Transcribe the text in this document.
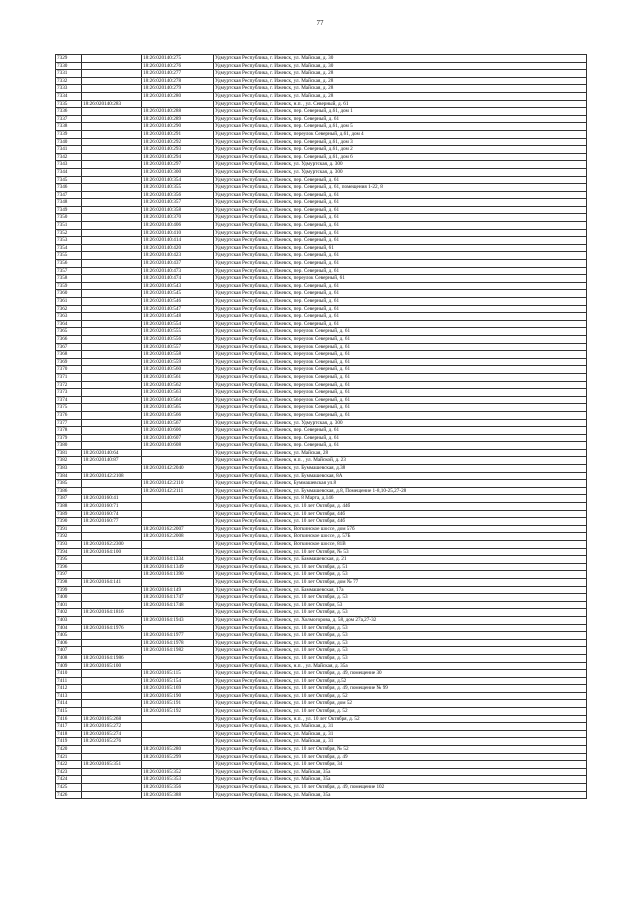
77
7329		18:26:020140:275	Удмуртская Республика, г. Ижевск, ул. Майская, д. 30
7330		18:26:020140:276	Удмуртская Республика, г. Ижевск, ул. Майская, д. 30
7331		18:26:020140:277	Удмуртская Республика, г. Ижевск, ул. Майская, д. 28
7332		18:26:020140:278	Удмуртская Республика, г. Ижевск, ул. Майская, д. 28
7333		18:26:020140:279	Удмуртская Республика, г. Ижевск, ул. Майская, д. 28
7334		18:26:020140:280	Удмуртская Республика, г. Ижевск, ул. Майская, д. 28
7335	18:26:020140:283		Удмуртская Республика, г. Ижевск, н.п. , ул. Северный, д. 61
7336		18:26:020140:288	Удмуртская Республика, г. Ижевск, пер. Северный, д.61, дом 1
7337		18:26:020140:289	Удмуртская Республика, г. Ижевск, пер. Северный, д. 61
7338		18:26:020140:290	Удмуртская Республика, г. Ижевск, пер. Северный, д.61, дом 5
7339		18:26:020140:291	Удмуртская Республика, г. Ижевск, переулок Северный, д.61, дом 4
7340		18:26:020140:292	Удмуртская Республика, г. Ижевск, пер. Северный, д.61, дом 3
7341		18:26:020140:293	Удмуртская Республика, г. Ижевск, пер. Северный, д.61, дом 2
7342		18:26:020140:294	Удмуртская Республика, г. Ижевск, пер. Северный, д.61, дом 6
7343		18:26:020140:297	Удмуртская Республика, г. Ижевск, ул. Удмуртская, д. 300
7344		18:26:020140:300	Удмуртская Республика, г. Ижевск, ул. Удмуртская, д. 300
7345		18:26:020140:354	Удмуртская Республика, г. Ижевск, пер. Северный, д. 61
7346		18:26:020140:355	Удмуртская Республика, г. Ижевск, пер. Северный, д. 61, помещения 1-22, 8
7347		18:26:020140:356	Удмуртская Республика, г. Ижевск, пер. Северный, д. 61
7348		18:26:020140:357	Удмуртская Республика, г. Ижевск, пер. Северный, д. 61
7349		18:26:020140:358	Удмуртская Республика, г. Ижевск, пер. Северный, д. 61
7350		18:26:020140:370	Удмуртская Республика, г. Ижевск, пер. Северный, д. 61
7351		18:26:020140:406	Удмуртская Республика, г. Ижевск, пер. Северный, д. 61
7352		18:26:020140:410	Удмуртская Республика, г. Ижевск, пер. Северный, д. 61
7353		18:26:020140:414	Удмуртская Республика, г. Ижевск, пер. Северный, д. 61
7354		18:26:020140:420	Удмуртская Республика, г. Ижевск, пер. Северный, 61
7355		18:26:020140:423	Удмуртская Республика, г. Ижевск, пер. Северный, д. 61
7356		18:26:020140:437	Удмуртская Республика, г. Ижевск, пер. Северный, д. 61
7357		18:26:020140:473	Удмуртская Республика, г. Ижевск, пер. Северный, д. 61
7358		18:26:020140:474	Удмуртская Республика, г. Ижевск, переулок Северный, 61
7359		18:26:020140:543	Удмуртская Республика, г. Ижевск, пер. Северный, д. 61
7360		18:26:020140:545	Удмуртская Республика, г. Ижевск, пер. Северный, д. 61
7361		18:26:020140:546	Удмуртская Республика, г. Ижевск, пер. Северный, д. 61
7362		18:26:020140:547	Удмуртская Республика, г. Ижевск, пер. Северный, д. 61
7363		18:26:020140:548	Удмуртская Республика, г. Ижевск, пер. Северный, д. 61
7364		18:26:020140:554	Удмуртская Республика, г. Ижевск, пер. Северный, д. 61
7365		18:26:020140:555	Удмуртская Республика, г. Ижевск, переулок Северный, д. 61
7366		18:26:020140:556	Удмуртская Республика, г. Ижевск, переулок Северный, д. 61
7367		18:26:020140:557	Удмуртская Республика, г. Ижевск, переулок Северный, д. 61
7368		18:26:020140:558	Удмуртская Республика, г. Ижевск, переулок Северный, д. 61
7369		18:26:020140:559	Удмуртская Республика, г. Ижевск, переулок Северный, д. 61
7370		18:26:020140:560	Удмуртская Республика, г. Ижевск, переулок Северный, д. 61
7371		18:26:020140:561	Удмуртская Республика, г. Ижевск, переулок Северный, д. 61
7372		18:26:020140:562	Удмуртская Республика, г. Ижевск, переулок Северный, д. 61
7373		18:26:020140:563	Удмуртская Республика, г. Ижевск, переулок Северный, д. 61
7374		18:26:020140:564	Удмуртская Республика, г. Ижевск, переулок Северный, д. 61
7375		18:26:020140:565	Удмуртская Республика, г. Ижевск, переулок Северный, д. 61
7376		18:26:020140:566	Удмуртская Республика, г. Ижевск, переулок Северный, д. 61
7377		18:26:020140:567	Удмуртская Республика, г. Ижевск, ул. Удмуртская, д. 300
7378		18:26:020140:606	Удмуртская Республика, г. Ижевск, пер. Северный, д. 61
7379		18:26:020140:607	Удмуртская Республика, г. Ижевск, пер. Северный, д. 61
7380		18:26:020140:608	Удмуртская Республика, г. Ижевск, пер. Северный, д. 61
7381	18:26:020140:64		Удмуртская Республика, г. Ижевск, ул. Майская, 28
7382	18:26:020140:87		Удмуртская Республика, г. Ижевск, н.п. , ул. Майской, д. 23
7383		18:26:020142:2040	Удмуртская Республика, г. Ижевск, ул. Буммашевская, д.38
7384	18:26:020142:2108		Удмуртская Республика, г. Ижевск, ул. Буммашевская, 8А
7385		18:26:020142:2110	Удмуртская Республика, г. Ижевск, Буммашевская ул.8
7386		18:26:020142:2111	Удмуртская Республика, г. Ижевск, ул. Буммашевская, д.8, Помещение 1-8,10-25,27-28
7387	18:26:020160:41		Удмуртская Республика, г. Ижевск, ул. 8 Марта, д.146
7388	18:26:020160:71		Удмуртская Республика, г. Ижевск, ул. 10 лет Октября, д. 44б
7389	18:26:020160:74		Удмуртская Республика, г. Ижевск, ул. 10 лет Октября, 44б
7390	18:26:020160:77		Удмуртская Республика, г. Ижевск, ул. 10 лет Октября, 44б
7391		18:26:020162:2007	Удмуртская Республика, г. Ижевск, Воткинское шоссе, дом 57б
7392		18:26:020162:2008	Удмуртская Республика, г. Ижевск, Воткинское шоссе, д. 57Б
7393	18:26:020162:2300		Удмуртская Республика, г. Ижевск, Воткинское шоссе, 81В
7394	18:26:020164:100		Удмуртская Республика, г. Ижевск, ул. 10 лет Октября, № 53
7395		18:26:020164:1334	Удмуртская Республика, г. Ижевск, ул. Баммашевская, д. 21
7396		18:26:020164:1349	Удмуртская Республика, г. Ижевск, ул. 10 лет Октября, д. 51
7397		18:26:020164:1390	Удмуртская Республика, г. Ижевск, ул. 10 лет Октября, д. 53
7398	18:26:020164:141		Удмуртская Республика, г. Ижевск, ул. 10 лет Октября, дом № 77
7399		18:26:020164:149	Удмуртская Республика, г. Ижевск, ул. Баммашевская, 17а
7400		18:26:020164:1747	Удмуртская Республика, г. Ижевск, ул. 10 лет Октября, д. 53
7401		18:26:020164:1748	Удмуртская Республика, г. Ижевск, ул. 10 лет Октября, 53
7402	18:26:020164:1816		Удмуртская Республика, г. Ижевск, ул. 10 лет Октября, д. 53
7403		18:26:020164:1943	Удмуртская Республика, г. Ижевск, ул. Холмогорова, д. 58, дом 27а,27-32
7404	18:26:020164:1976		Удмуртская Республика, г. Ижевск, ул. 10 лет Октября, д. 53
7405		18:26:020164:1977	Удмуртская Республика, г. Ижевск, ул. 10 лет Октября, д. 53
7406		18:26:020164:1978	Удмуртская Республика, г. Ижевск, ул. 10 лет Октября, д. 53
7407		18:26:020164:1982	Удмуртская Республика, г. Ижевск, ул. 10 лет Октября, д. 53
7408	18:26:020164:1986		Удмуртская Республика, г. Ижевск, ул. 10 лет Октября, д. 53
7409	18:26:020165:100		Удмуртская Республика, г. Ижевск, н.п. , ул. Майская, д. 35а
7410		18:26:020165:115	Удмуртская Республика, г. Ижевск, ул. 10 лет Октября, д. 49, помещение 30
7411		18:26:020165:154	Удмуртская Республика, г. Ижевск, ул. 10 лет Октября, д.52
7412		18:26:020165:169	Удмуртская Республика, г. Ижевск, ул. 10 лет Октября, д. 49, помещение № 99
7413		18:26:020165:190	Удмуртская Республика, г. Ижевск, ул. 10 лет Октября, д. 52
7414		18:26:020165:191	Удмуртская Республика, г. Ижевск, ул. 10 лет Октября, дом 52
7415		18:26:020165:192	Удмуртская Республика, г. Ижевск, ул. 10 лет Октября, д. 52
7416	18:26:020165:268		Удмуртская Республика, г. Ижевск, н.п. , ул. 10 лет Октября, д. 52
7417	18:26:020165:272		Удмуртская Республика, г. Ижевск, ул. Майская, д. 31
7418	18:26:020165:274		Удмуртская Республика, г. Ижевск, ул. Майская, д. 31
7419	18:26:020165:276		Удмуртская Республика, г. Ижевск, ул. Майская, д. 31
7420		18:26:020165:280	Удмуртская Республика, г. Ижевск, ул. 10 лет Октября, № 52
7421		18:26:020165:299	Удмуртская Республика, г. Ижевск, ул. 10 лет Октября, д. 49
7422	18:26:020165:351		Удмуртская Республика, г. Ижевск, ул. 10 лет Октября, 34
7423		18:26:020165:352	Удмуртская Республика, г. Ижевск, ул. Майская, 35а
7424		18:26:020165:353	Удмуртская Республика, г. Ижевск, ул. Майская, 35а
7425		18:26:020165:356	Удмуртская Республика, г. Ижевск, ул. 10 лет Октября, д. 49, помещение 102
7426		18:26:020165:388	Удмуртская Республика, г. Ижевск, ул. Майская, 35а
